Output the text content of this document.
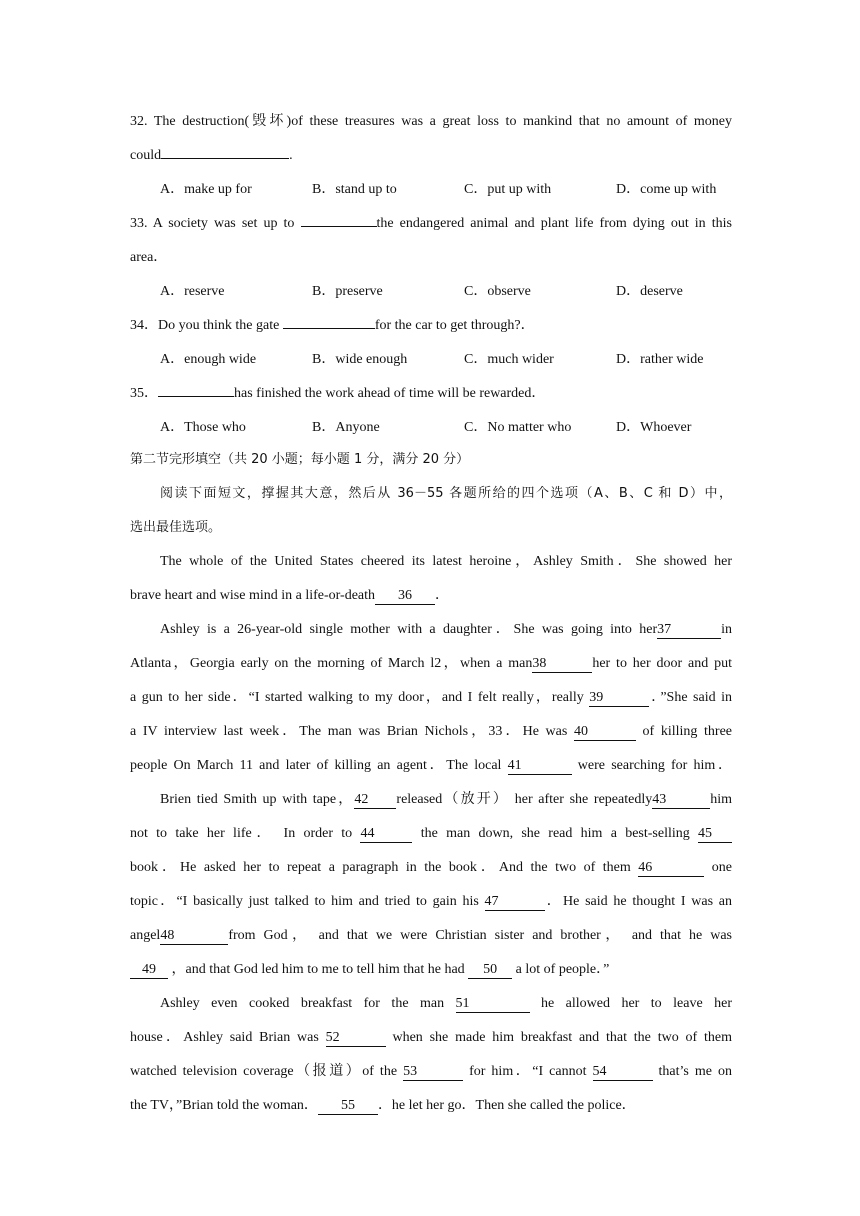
32. The destruction(毁坏)of these treasures was a great loss to mankind that no amount of money

could	.

A．make up for	B．stand up to	C．put up with	D．come up with

33. A society was set up to	the endangered animal and plant life from dying out in this

area．

A．reserve	B．preserve	C．observe	D．deserve

34．Do you think the gate	for the car to get through?．

A．enough wide	B．wide enough	C．much wider	D．rather wide

35．	has finished the work ahead of time will be rewarded．

A．Those who	B．Anyone	C．No matter who	D．Whoever

第二节完形填空（共 20 小题；每小题 1 分，满分 20 分）

阅读下面短文，撑握其大意，然后从 36－55 各题所给的四个选项（A、B、C 和 D）中，

选出最佳选项。

The whole of the United States cheered its latest heroine，Ashley Smith．She showed her

brave heart and wise mind in a life-or-death 36 ．

Ashley is a 26-year-old single mother with a daughter．She was going into her37	in

Atlanta，Georgia early on the morning of March l2，when a man38	her to her door and put

a gun to her side．“I started walking to my door，and I felt really，really 39	．”She said in

a IV interview last week．The man was Brian Nichols，33．He was 40	of killing three

people On March 11 and later of killing an agent．The local 41	were searching for him．

Brien tied Smith up with tape，42 released（放开） her after she repeatedly43	him

not to take her life． In order to 44	the man down, she read him a best-selling 45

book．He asked her to repeat a paragraph in the book．And the two of them 46	one

topic．“I basically just talked to him and tried to gain his 47	．He said he thought I was an

angel48	from God， and that we were Christian sister and brother， and that he was

49 ，and that God led him to me to tell him that he had 50 a lot of people．”

Ashley even cooked breakfast for the man 51	he allowed her to leave her

house．Ashley said Brian was 52	when she made him breakfast and that the two of them

watched television coverage（报道）of the 53	for him．“I cannot 54	that’s me on

the TV，”Brian told the woman． 55 ．he let her go．Then she called the police．
